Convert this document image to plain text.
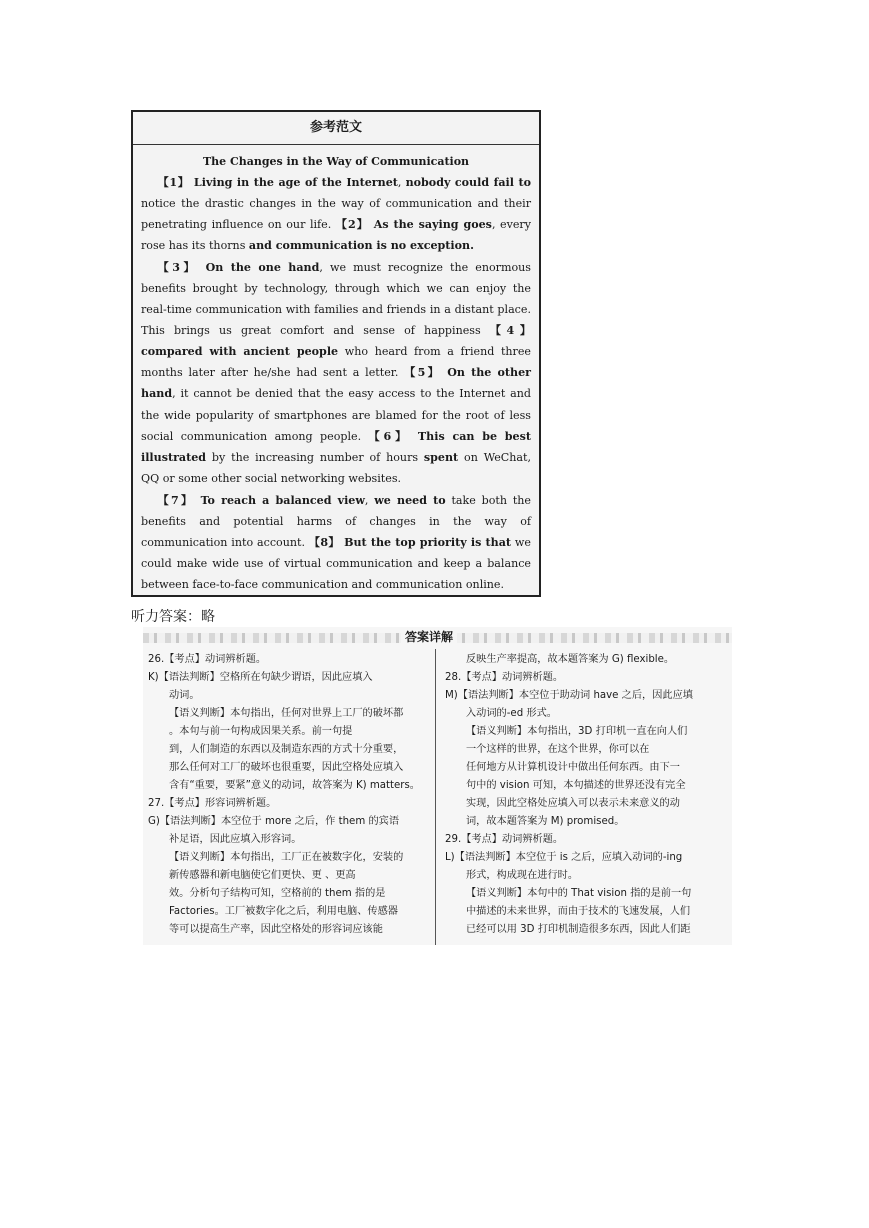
参考范文
The Changes in the Way of Communication

【1】 Living in the age of the Internet, nobody could fail to notice the drastic changes in the way of communication and their penetrating influence on our life. 【2】 As the saying goes, every rose has its thorns and communication is no exception.

【3】 On the one hand, we must recognize the enormous benefits brought by technology, through which we can enjoy the real-time communication with families and friends in a distant place. This brings us great comfort and sense of happiness 【4】 compared with ancient people who heard from a friend three months later after he/she had sent a letter. 【5】 On the other hand, it cannot be denied that the easy access to the Internet and the wide popularity of smartphones are blamed for the root of less social communication among people. 【6】 This can be best illustrated by the increasing number of hours spent on WeChat, QQ or some other social networking websites.

【7】 To reach a balanced view, we need to take both the benefits and potential harms of changes in the way of communication into account. 【8】 But the top priority is that we could make wide use of virtual communication and keep a balance between face-to-face communication and communication online.

听力答案：略
答案详解
26.【考点】动词辨析题。
K)【语法判断】空格所在句缺少谓语，因此应填入
动词。
【语义判断】本句指出，任何对世界上工厂的破坏都
。本句与前一句构成因果关系。前一句提
到，人们制造的东西以及制造东西的方式十分重要，
那么任何对工厂的破坏也很重要，因此空格处应填入
含有“重要，要紧”意义的动词，故答案为 K) matters。
27.【考点】形容词辨析题。
G)【语法判断】本空位于 more 之后，作 them 的宾语
补足语，因此应填入形容词。
【语义判断】本句指出，工厂正在被数字化，安装的
新传感器和新电脑使它们更快、更 、更高
效。分析句子结构可知，空格前的 them 指的是
Factories。工厂被数字化之后，利用电脑、传感器
等可以提高生产率，因此空格处的形容词应该能
反映生产率提高，故本题答案为 G) flexible。
28.【考点】动词辨析题。
M)【语法判断】本空位于助动词 have 之后，因此应填
入动词的-ed 形式。
【语义判断】本句指出，3D 打印机一直在向人们
一个这样的世界，在这个世界，你可以在
任何地方从计算机设计中做出任何东西。由下一
句中的 vision 可知，本句描述的世界还没有完全
实现，因此空格处应填入可以表示未来意义的动
词，故本题答案为 M) promised。
29.【考点】动词辨析题。
L)【语法判断】本空位于 is 之后，应填入动词的-ing
形式，构成现在进行时。
【语义判断】本句中的 That vision 指的是前一句
中描述的未来世界，而由于技术的飞速发展，人们
已经可以用 3D 打印机制造很多东西，因此人们距
